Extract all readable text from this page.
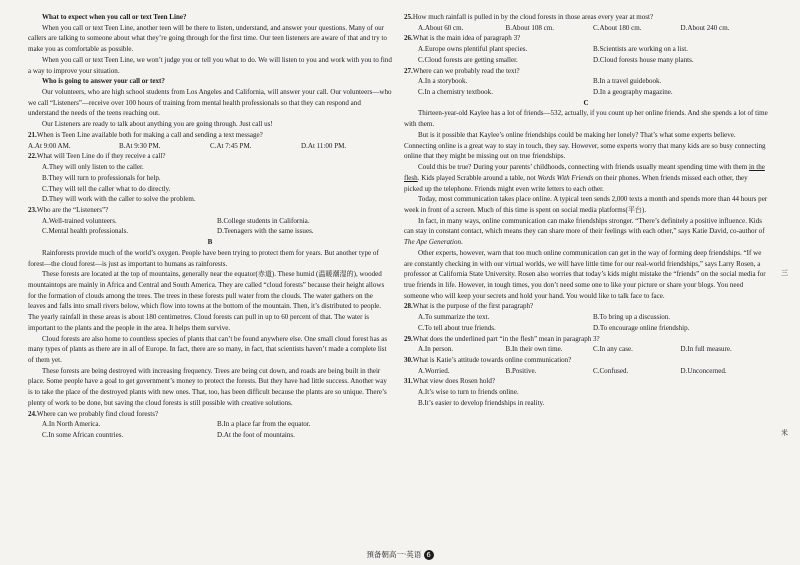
What to expect when you call or text Teen Line?

When you call or text Teen Line, another teen will be there to listen, understand, and answer your questions. Many of our callers are talking to someone about what they’re going through for the first time. Our teen listeners are aware of that and try to make you as comfortable as possible.

When you call or text Teen Line, we won’t judge you or tell you what to do. We will listen to you and work with you to find a way to improve your situation.

Who is going to answer your call or text?

Our volunteers, who are high school students from Los Angeles and California, will answer your call. Our volunteers—who we call “Listeners”—receive over 100 hours of training from mental health professionals so that they can respond and understand the needs of the teens reaching out.

Our Listeners are ready to talk about anything you are going through. Just call us!

21.When is Teen Line available both for making a call and sending a text message?

A.At 9:00 AM.	B.At 9:30 PM.	C.At 7:45 PM.	D.At 11:00 PM.

22.What will Teen Line do if they receive a call?

A.They will only listen to the caller.

B.They will turn to professionals for help.

C.They will tell the caller what to do directly.

D.They will work with the caller to solve the problem.

23.Who are the “Listeners”?

A.Well-trained volunteers.	B.College students in California.
C.Mental health professionals.	D.Teenagers with the same issues.

B

Rainforests provide much of the world’s oxygen. People have been trying to protect them for years. But another type of forest—the cloud forest—is just as important to humans as rainforests.

These forests are located at the top of mountains, generally near the equator(赤道). These humid (温暖潮湿的), wooded mountaintops are mainly in Africa and Central and South America. They are called “cloud forests” because their height allows for the formation of clouds among the trees. The trees in these forests pull water from the clouds. The water gathers on the leaves and falls into small rivers below, which flow into towns at the bottom of the mountain. Then, it’s distributed to people. The yearly rainfall in these areas is about 180 centimetres. Cloud forests can pull in up to 60 percent of that. The water is important to the plants and the people in the area. It helps them survive.

Cloud forests are also home to countless species of plants that can’t be found anywhere else. One small cloud forest has as many types of plants as there are in all of Europe. In fact, there are so many, in fact, that scientists haven’t made a complete list of them yet.

These forests are being destroyed with increasing frequency. Trees are being cut down, and roads are being built in their place. Some people have a goal to get government’s money to protect the forests. But they have had little success. Another way is to take the place of the destroyed plants with new ones. That, too, has been difficult because the plants are so unique. There’s plenty of work to be done, but saving the cloud forests is still possible with creative solutions.

24.Where can we probably find cloud forests?

A.In North America.	B.In a place far from the equator.
C.In some African countries.	D.At the foot of mountains.

25.How much rainfall is pulled in by the cloud forests in those areas every year at most?

A.About 60 cm.	B.About 108 cm.	C.About 180 cm.	D.About 240 cm.

26.What is the main idea of paragraph 3?

A.Europe owns plentiful plant species.	B.Scientists are working on a list.
C.Cloud forests are getting smaller.	D.Cloud forests house many plants.

27.Where can we probably read the text?

A.In a storybook.	B.In a travel guidebook.
C.In a chemistry textbook.	D.In a geography magazine.

C

Thirteen-year-old Kaylee has a lot of friends—532, actually, if you count up her online friends. And she spends a lot of time with them.

But is it possible that Kaylee’s online friendships could be making her lonely? That’s what some experts believe. Connecting online is a great way to stay in touch, they say. However, some experts worry that many kids are so busy connecting online that they might be missing out on true friendships.

Could this be true? During your parents’ childhoods, connecting with friends usually meant spending time with them in the flesh. Kids played Scrabble around a table, not Words With Friends on their phones. When friends missed each other, they picked up the telephone. Friends might even write letters to each other.

Today, most communication takes place online. A typical teen sends 2,000 texts a month and spends more than 44 hours per week in front of a screen. Much of this time is spent on social media platforms(平台).

In fact, in many ways, online communication can make friendships stronger. “There’s definitely a positive influence. Kids can stay in constant contact, which means they can share more of their feelings with each other,” says Katie David, co-author of The Ape Generation.

Other experts, however, warn that too much online communication can get in the way of forming deep friendships. “If we are constantly checking in with our virtual worlds, we will have little time for our real-world friendships,” says Larry Rosen, a professor at California State University. Rosen also worries that today’s kids might mistake the “friends” on the social media for true friends in life. However, in tough times, you don’t need some one to like your picture or share your blogs. You need someone who will keep your secrets and hold your hand. You would like to talk face to face.

28.What is the purpose of the first paragraph?

A.To summarize the text.	B.To bring up a discussion.
C.To tell about true friends.	D.To encourage online friendship.

29.What does the underlined part “in the flesh” mean in paragraph 3?

A.In person.	B.In their own time.	C.In any case.	D.In full measure.

30.What is Katie’s attitude towards online communication?

A.Worried.	B.Positive.	C.Confused.	D.Unconcerned.

31.What view does Rosen hold?

A.It’s wise to turn to friends online.

B.It’s easier to develop friendships in reality.

三
米
預备朝高一·英语 6
